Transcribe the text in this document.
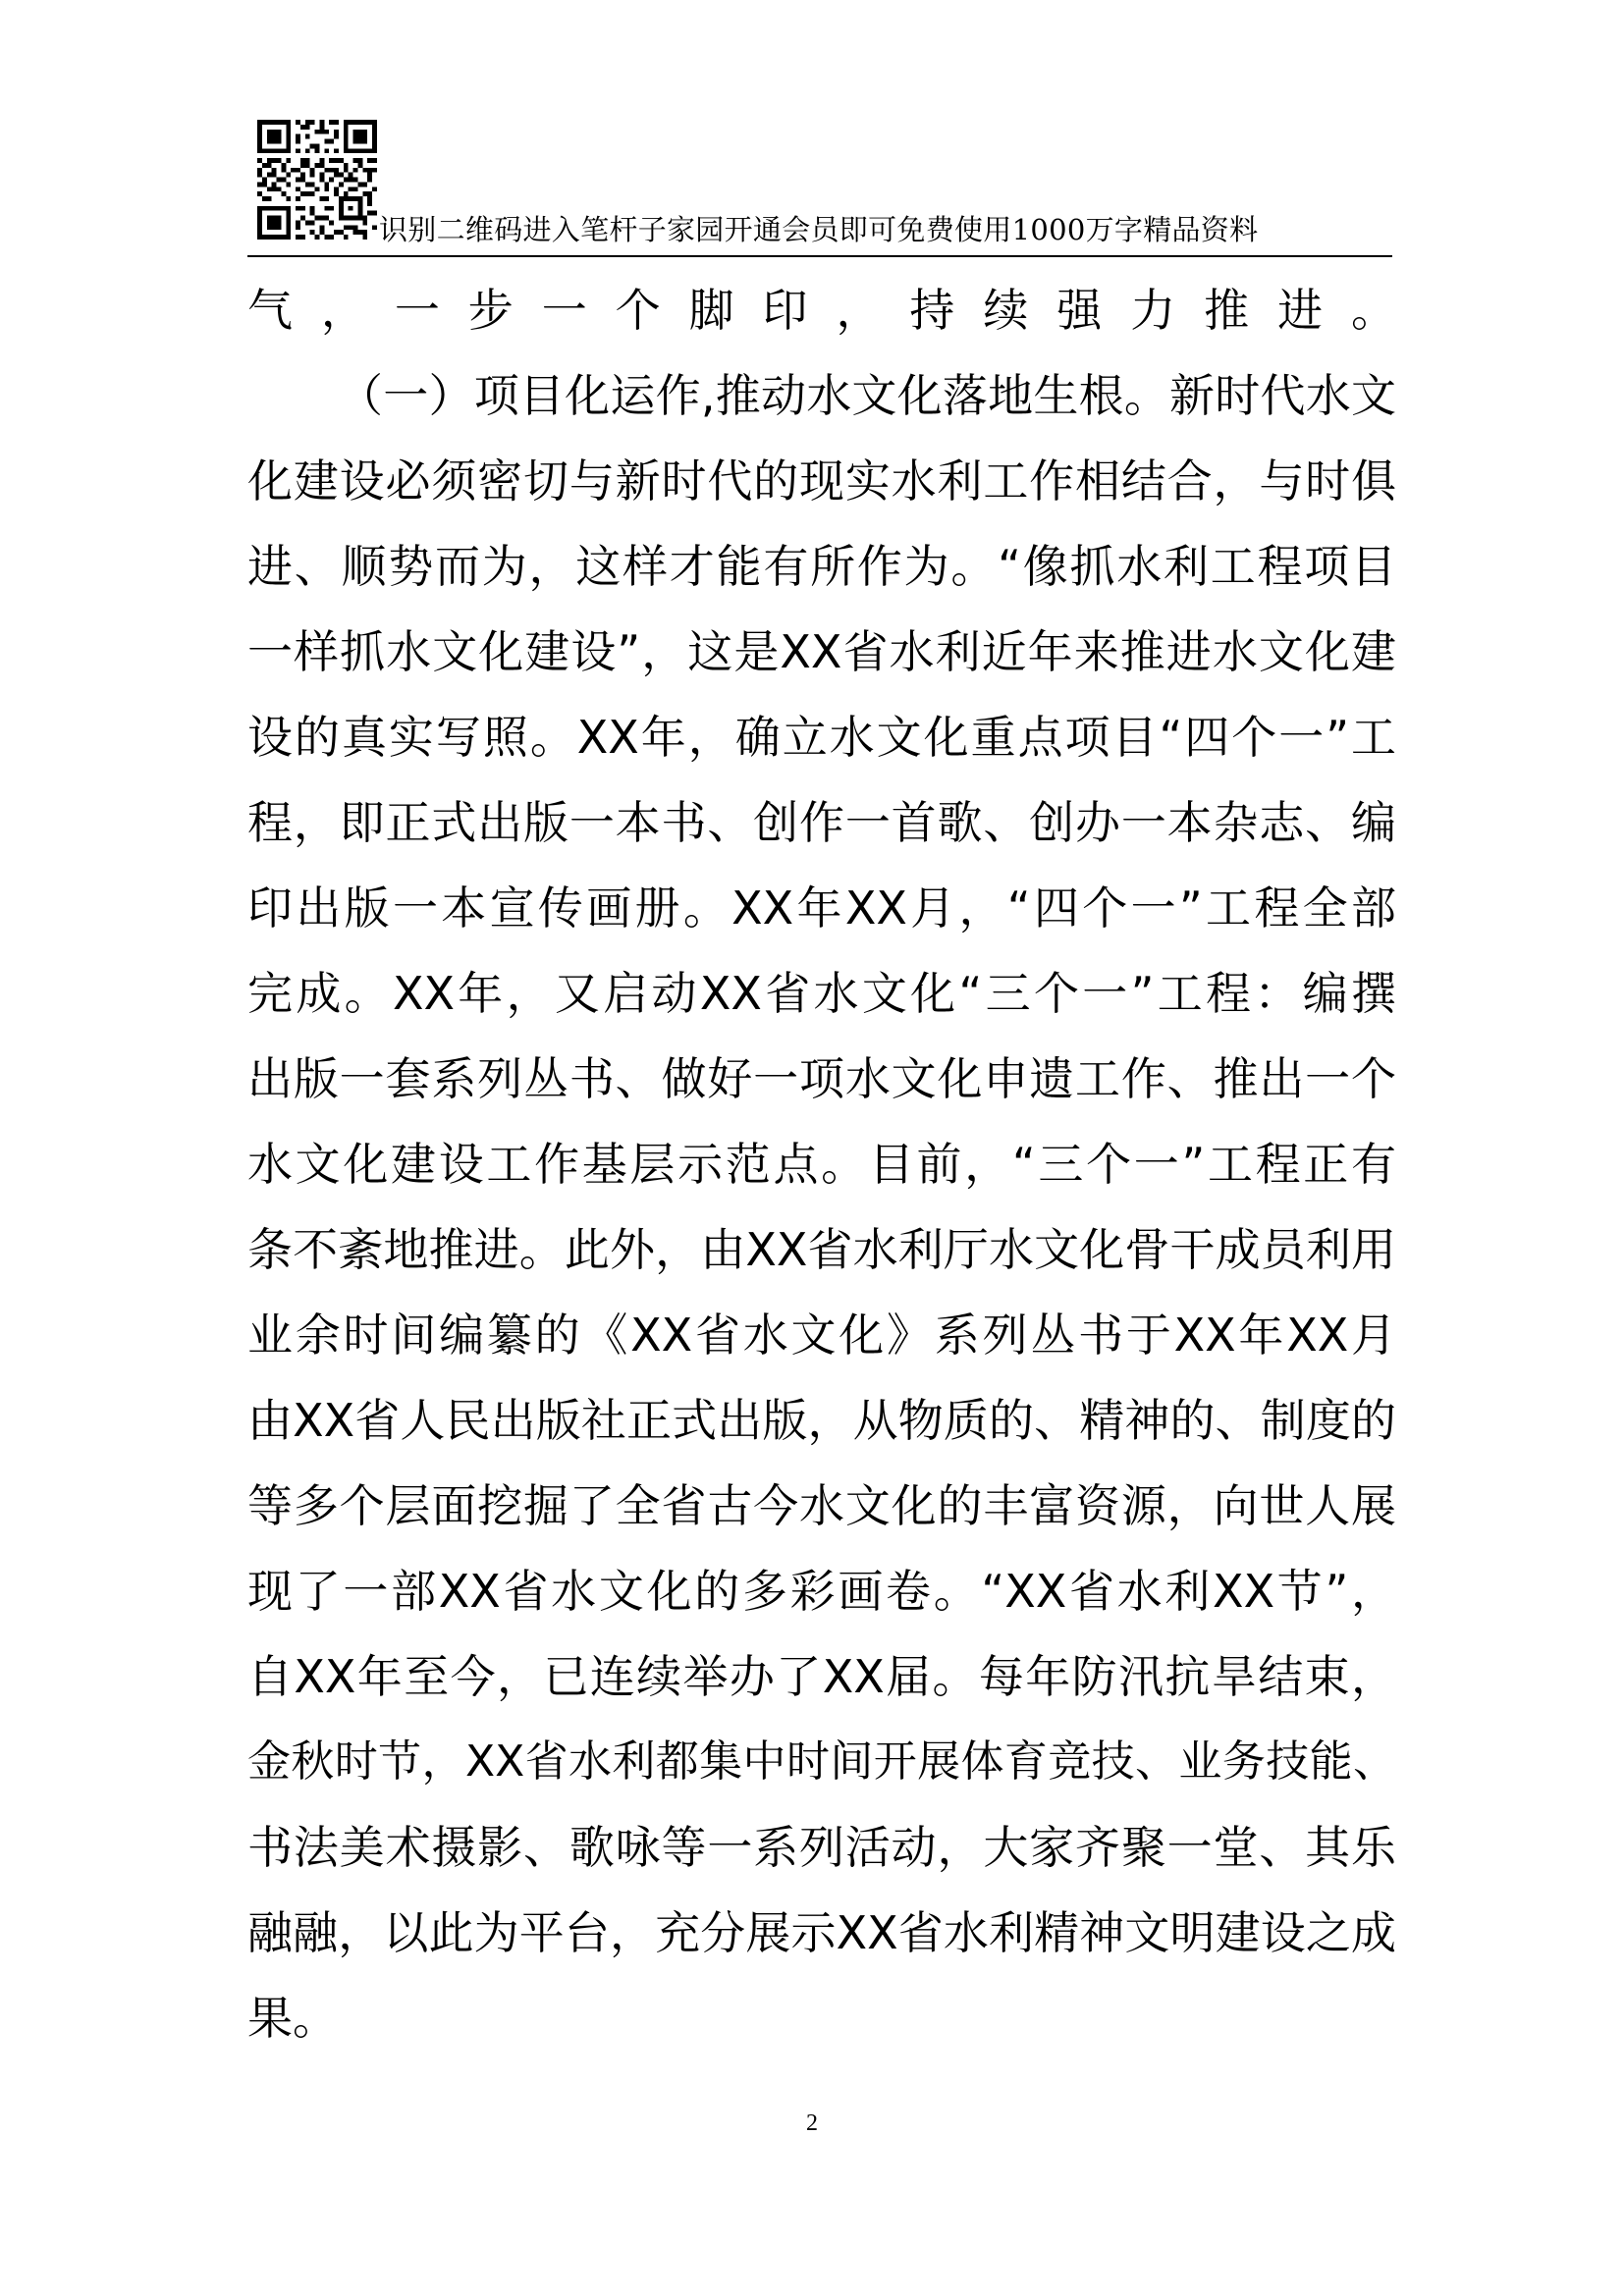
识别二维码进入笔杆子家园开通会员即可免费使用1000万字精品资料
气，一步一个脚印，持续强力推进。
（一）项目化运作,推动水文化落地生根。新时代水文
化建设必须密切与新时代的现实水利工作相结合，与时俱
进、顺势而为，这样才能有所作为。“像抓水利工程项目
一样抓水文化建设”，这是XX省水利近年来推进水文化建
设的真实写照。XX年，确立水文化重点项目“四个一”工
程，即正式出版一本书、创作一首歌、创办一本杂志、编
印出版一本宣传画册。XX年XX月，“四个一”工程全部
完成。XX年，又启动XX省水文化“三个一”工程：编撰
出版一套系列丛书、做好一项水文化申遗工作、推出一个
水文化建设工作基层示范点。目前，“三个一”工程正有
条不紊地推进。此外，由XX省水利厅水文化骨干成员利用
业余时间编纂的《XX省水文化》系列丛书于XX年XX月
由XX省人民出版社正式出版，从物质的、精神的、制度的
等多个层面挖掘了全省古今水文化的丰富资源，向世人展
现了一部XX省水文化的多彩画卷。“XX省水利XX节”，
自XX年至今，已连续举办了XX届。每年防汛抗旱结束，
金秋时节，XX省水利都集中时间开展体育竞技、业务技能、
书法美术摄影、歌咏等一系列活动，大家齐聚一堂、其乐
融融，以此为平台，充分展示XX省水利精神文明建设之成
果。
2
